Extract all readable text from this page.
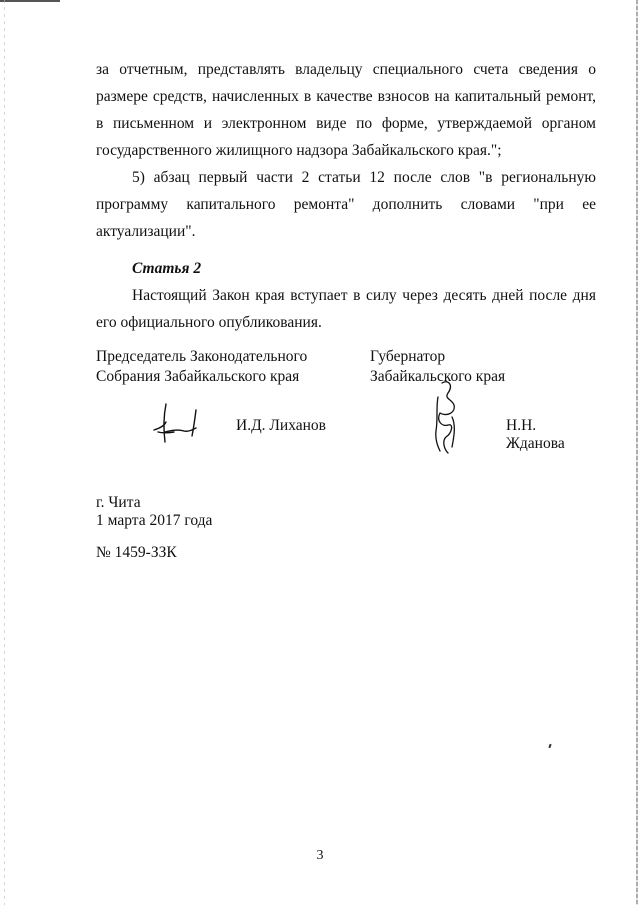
за отчетным, представлять владельцу специального счета сведения о размере средств, начисленных в качестве взносов на капитальный ремонт, в письменном и электронном виде по форме, утверждаемой органом государственного жилищного надзора Забайкальского края.";

5) абзац первый части 2 статьи 12 после слов "в региональную программу капитального ремонта" дополнить словами "при ее актуализации".

Статья 2

Настоящий Закон края вступает в силу через десять дней после дня его официального опубликования.

Председатель Законодательного
Собрания Забайкальского края
Губернатор
Забайкальского края
И.Д. Лиханов	Н.Н. Жданова
г. Чита
1 марта 2017 года
№ 1459-ЗЗК
3
